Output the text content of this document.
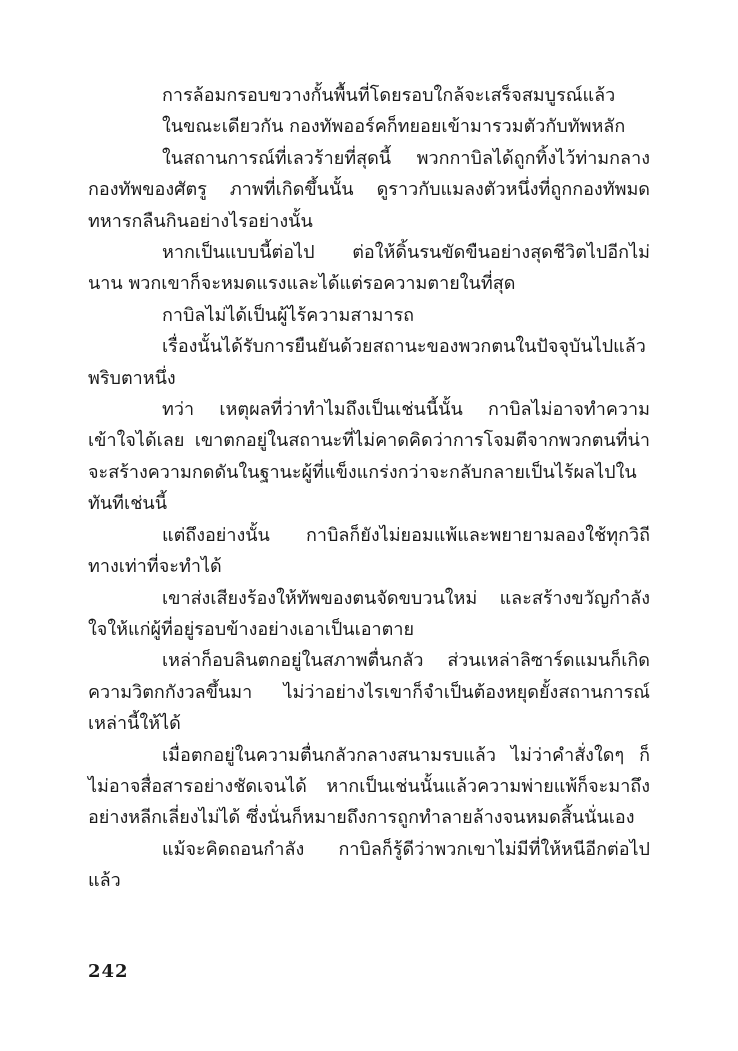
การล้อมกรอบขวางกั้นพื้นที่โดยรอบใกล้จะเสร็จสมบูรณ์แล้ว

ในขณะเดียวกัน กองทัพออร์คก็ทยอยเข้ามารวมตัวกับทัพหลัก

ในสถานการณ์ที่เลวร้ายที่สุดนี้ พวกกาบิลได้ถูกทิ้งไว้ท่ามกลางกองทัพของศัตรู ภาพที่เกิดขึ้นนั้น ดูราวกับแมลงตัวหนึ่งที่ถูกกองทัพมดทหารกลืนกินอย่างไรอย่างนั้น

หากเป็นแบบนี้ต่อไป ต่อให้ดิ้นรนขัดขืนอย่างสุดชีวิตไปอีกไม่นาน พวกเขาก็จะหมดแรงและได้แต่รอความตายในที่สุด

กาบิลไม่ได้เป็นผู้ไร้ความสามารถ

เรื่องนั้นได้รับการยืนยันด้วยสถานะของพวกตนในปัจจุบันไปแล้วพริบตาหนึ่ง

ทว่า เหตุผลที่ว่าทำไมถึงเป็นเช่นนี้นั้น กาบิลไม่อาจทำความเข้าใจได้เลย เขาตกอยู่ในสถานะที่ไม่คาดคิดว่าการโจมตีจากพวกตนที่น่าจะสร้างความกดดันในฐานะผู้ที่แข็งแกร่งกว่าจะกลับกลายเป็นไร้ผลไปในทันทีเช่นนี้

แต่ถึงอย่างนั้น กาบิลก็ยังไม่ยอมแพ้และพยายามลองใช้ทุกวิถีทางเท่าที่จะทำได้

เขาส่งเสียงร้องให้ทัพของตนจัดขบวนใหม่ และสร้างขวัญกำลังใจให้แก่ผู้ที่อยู่รอบข้างอย่างเอาเป็นเอาตาย

เหล่าก็อบลินตกอยู่ในสภาพตื่นกลัว ส่วนเหล่าลิซาร์ดแมนก็เกิดความวิตกกังวลขึ้นมา ไม่ว่าอย่างไรเขาก็จำเป็นต้องหยุดยั้งสถานการณ์เหล่านี้ให้ได้

เมื่อตกอยู่ในความตื่นกลัวกลางสนามรบแล้ว ไม่ว่าคำสั่งใดๆ ก็ไม่อาจสื่อสารอย่างชัดเจนได้ หากเป็นเช่นนั้นแล้วความพ่ายแพ้ก็จะมาถึงอย่างหลีกเลี่ยงไม่ได้ ซึ่งนั่นก็หมายถึงการถูกทำลายล้างจนหมดสิ้นนั่นเอง

แม้จะคิดถอนกำลัง กาบิลก็รู้ดีว่าพวกเขาไม่มีที่ให้หนีอีกต่อไปแล้ว

242
